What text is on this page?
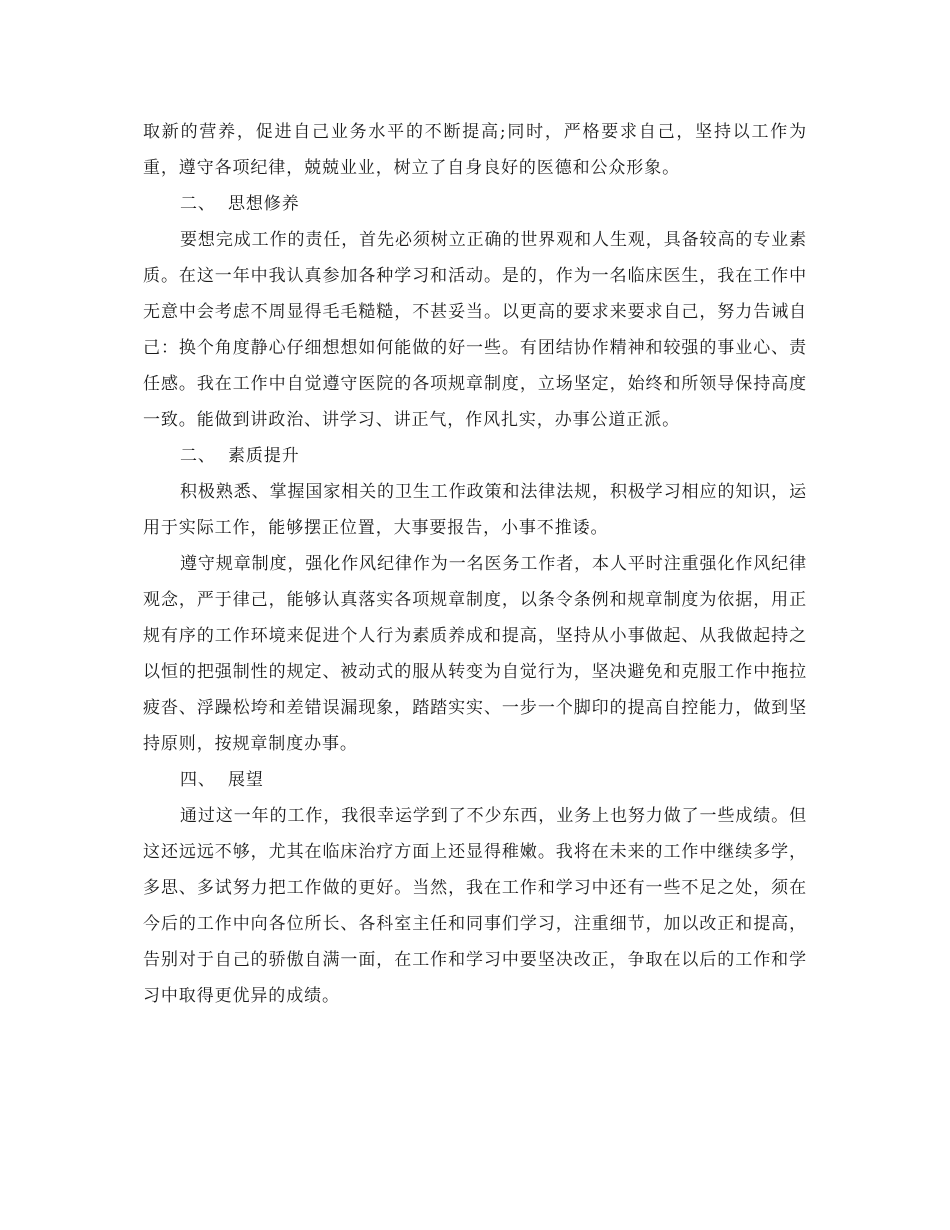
取新的营养，促进自己业务水平的不断提高;同时，严格要求自己，坚持以工作为重，遵守各项纪律，兢兢业业，树立了自身良好的医德和公众形象。

二、 思想修养

要想完成工作的责任，首先必须树立正确的世界观和人生观，具备较高的专业素质。在这一年中我认真参加各种学习和活动。是的，作为一名临床医生，我在工作中无意中会考虑不周显得毛毛糙糙，不甚妥当。以更高的要求来要求自己，努力告诫自己：换个角度静心仔细想想如何能做的好一些。有团结协作精神和较强的事业心、责任感。我在工作中自觉遵守医院的各项规章制度，立场坚定，始终和所领导保持高度一致。能做到讲政治、讲学习、讲正气，作风扎实，办事公道正派。

二、 素质提升

积极熟悉、掌握国家相关的卫生工作政策和法律法规，积极学习相应的知识，运用于实际工作，能够摆正位置，大事要报告，小事不推诿。

遵守规章制度，强化作风纪律作为一名医务工作者，本人平时注重强化作风纪律观念，严于律己，能够认真落实各项规章制度，以条令条例和规章制度为依据，用正规有序的工作环境来促进个人行为素质养成和提高，坚持从小事做起、从我做起持之以恒的把强制性的规定、被动式的服从转变为自觉行为，坚决避免和克服工作中拖拉疲沓、浮躁松垮和差错误漏现象，踏踏实实、一步一个脚印的提高自控能力，做到坚持原则，按规章制度办事。

四、 展望

通过这一年的工作，我很幸运学到了不少东西，业务上也努力做了一些成绩。但这还远远不够，尤其在临床治疗方面上还显得稚嫩。我将在未来的工作中继续多学，多思、多试努力把工作做的更好。当然，我在工作和学习中还有一些不足之处，须在今后的工作中向各位所长、各科室主任和同事们学习，注重细节，加以改正和提高，告别对于自己的骄傲自满一面，在工作和学习中要坚决改正，争取在以后的工作和学习中取得更优异的成绩。
